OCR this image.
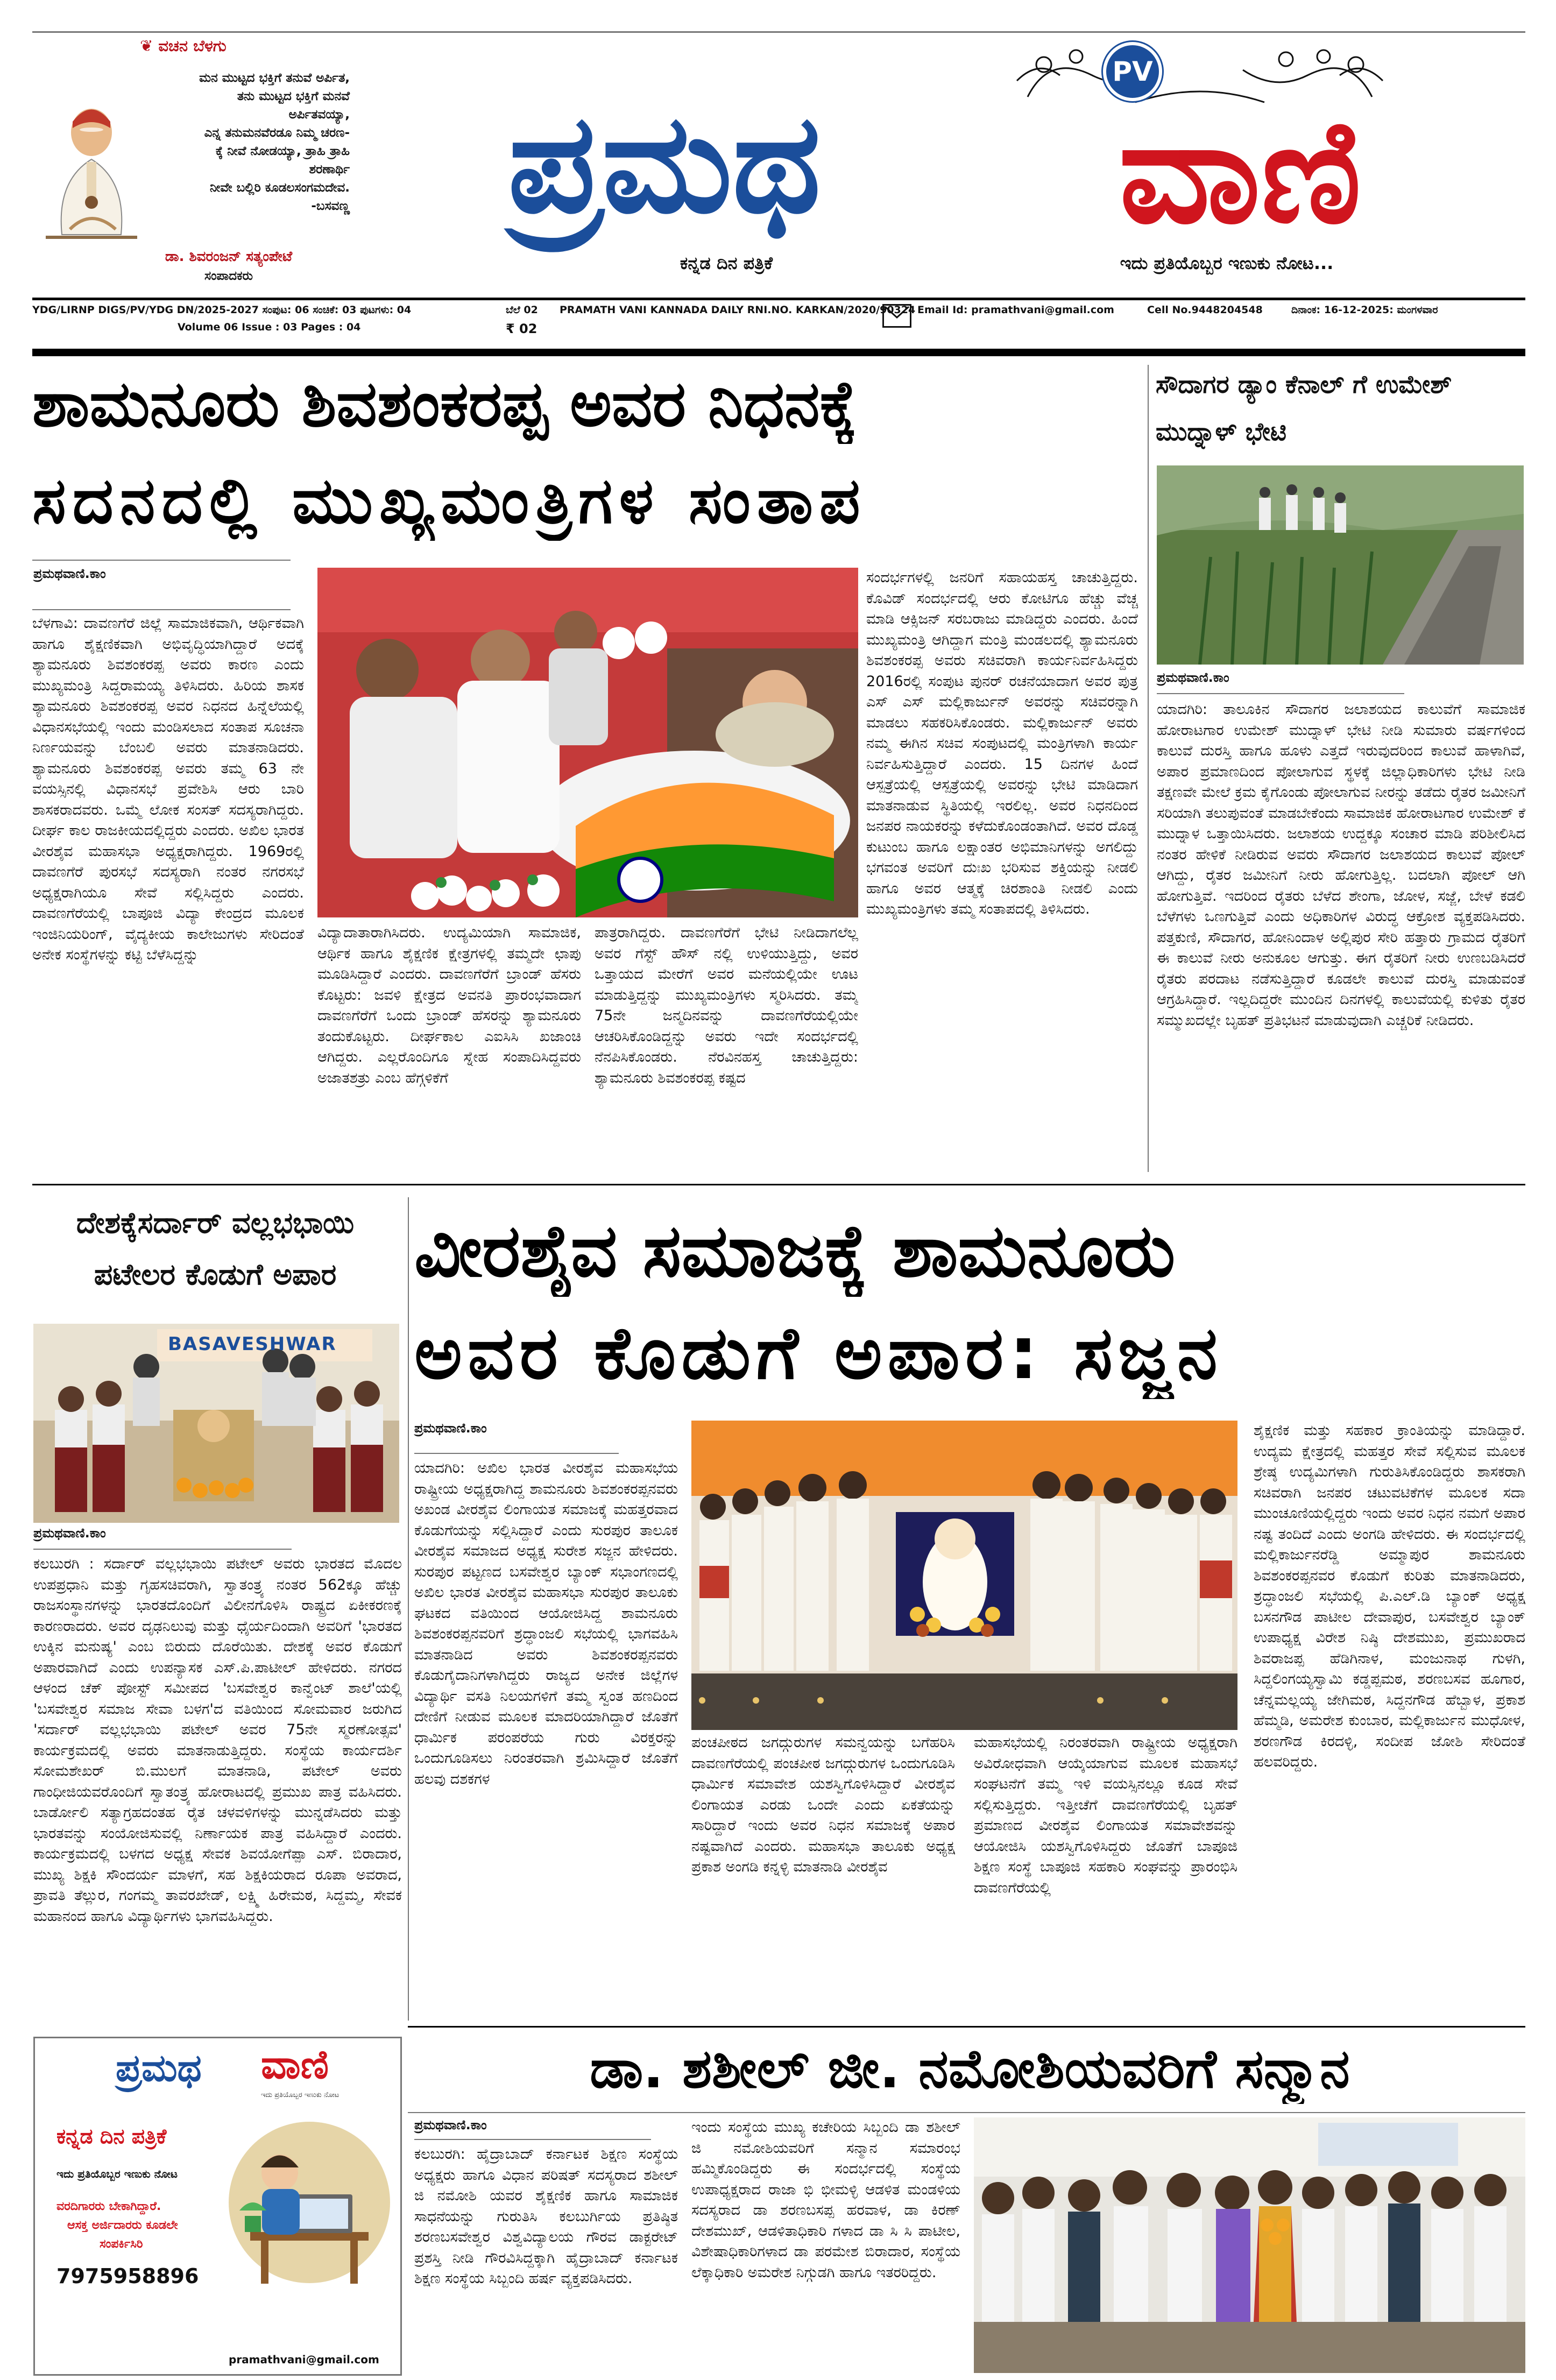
❦ ವಚನ ಬೆಳಗು
ಮನ ಮುಟ್ಟದ ಭಕ್ತಿಗೆ ತನುವೆ ಅರ್ಪಿತ,
ತನು ಮುಟ್ಟದ ಭಕ್ತಿಗೆ ಮನವೆ
ಅರ್ಪಿತವಯ್ಯಾ,
ಎನ್ನ ತನುಮನವೆರಡೂ ನಿಮ್ಮ ಚರಣ-
ಕ್ಕೆ ನೀವೆ ನೋಡಯ್ಯಾ, ತ್ರಾಹಿ ತ್ರಾಹಿ
ಶರಣಾರ್ಥಿ
ನೀವೇ ಬಲ್ಲಿರಿ ಕೂಡಲಸಂಗಮದೇವ.
-ಬಸವಣ್ಣ
ಡಾ. ಶಿವರಂಜನ್ ಸತ್ಯಂಪೇಟೆ
ಸಂಪಾದಕರು
ಪ್ರಮಥ
PV
ವಾಣಿ
ಕನ್ನಡ ದಿನ ಪತ್ರಿಕೆ	ಇದು ಪ್ರತಿಯೊಬ್ಬರ ಇಣುಕು ನೋಟ...
YDG/LIRNP DIGS/PV/YDG DN/2025-2027 ಸಂಪುಟ: 06 ಸಂಚಿಕೆ: 03 ಪುಟಗಳು: 04
Volume 06 Issue : 03 Pages : 04
ಬೆಲೆ 02
₹ 02
PRAMATH VANI KANNADA DAILY RNI.NO. KARKAN/2020/90324 Email Id: pramathvani@gmail.com	Cell No.9448204548	ದಿನಾಂಕ: 16-12-2025: ಮಂಗಳವಾರ
ಶಾಮನೂರು ಶಿವಶಂಕರಪ್ಪ ಅವರ ನಿಧನಕ್ಕೆ
ಸದನದಲ್ಲಿ ಮುಖ್ಯಮಂತ್ರಿಗಳ ಸಂತಾಪ
ಪ್ರಮಥವಾಣಿ.ಕಾಂ
ಬೆಳಗಾವಿ: ದಾವಣಗೆರೆ ಜಿಲ್ಲೆ ಸಾಮಾಜಿಕವಾಗಿ, ಆರ್ಥಿಕವಾಗಿ ಹಾಗೂ ಶೈಕ್ಷಣಿಕವಾಗಿ ಅಭಿವೃದ್ಧಿಯಾಗಿದ್ದಾರೆ ಅದಕ್ಕೆ ಶ್ಯಾಮನೂರು ಶಿವಶಂಕರಪ್ಪ ಅವರು ಕಾರಣ ಎಂದು ಮುಖ್ಯಮಂತ್ರಿ ಸಿದ್ದರಾಮಯ್ಯ ತಿಳಿಸಿದರು. ಹಿರಿಯ ಶಾಸಕ ಶ್ಯಾಮನೂರು ಶಿವಶಂಕರಪ್ಪ ಅವರ ನಿಧನದ ಹಿನ್ನೆಲೆಯಲ್ಲಿ ವಿಧಾನಸಭೆಯಲ್ಲಿ ಇಂದು ಮಂಡಿಸಲಾದ ಸಂತಾಪ ಸೂಚನಾ ನಿರ್ಣಯವನ್ನು ಬೆಂಬಲಿ ಅವರು ಮಾತನಾಡಿದರು. ಶ್ಯಾಮನೂರು ಶಿವಶಂಕರಪ್ಪ ಅವರು ತಮ್ಮ 63 ನೇ ವಯಸ್ಸಿನಲ್ಲಿ ವಿಧಾನಸಭೆ ಪ್ರವೇಶಿಸಿ ಆರು ಬಾರಿ ಶಾಸಕರಾದವರು. ಒಮ್ಮೆ ಲೋಕ ಸಂಸತ್ ಸದಸ್ಯರಾಗಿದ್ದರು. ದೀರ್ಘ ಕಾಲ ರಾಜಕೀಯದಲ್ಲಿದ್ದರು ಎಂದರು. ಅಖಿಲ ಭಾರತ ವೀರಶೈವ ಮಹಾಸಭಾ ಅಧ್ಯಕ್ಷರಾಗಿದ್ದರು. 1969ರಲ್ಲಿ ದಾವಣಗೆರೆ ಪುರಸಭೆ ಸದಸ್ಯರಾಗಿ ನಂತರ ನಗರಸಭೆ ಅಧ್ಯಕ್ಷರಾಗಿಯೂ ಸೇವೆ ಸಲ್ಲಿಸಿದ್ದರು ಎಂದರು. ದಾವಣಗೆರೆಯಲ್ಲಿ ಬಾಪೂಜಿ ವಿದ್ಯಾ ಕೇಂದ್ರದ ಮೂಲಕ ಇಂಜಿನಿಯರಿಂಗ್, ವೈದ್ಯಕೀಯ ಕಾಲೇಜುಗಳು ಸೇರಿದಂತೆ ಅನೇಕ ಸಂಸ್ಥೆಗಳನ್ನು ಕಟ್ಟಿ ಬೆಳೆಸಿದ್ದನ್ನು
ವಿದ್ಯಾದಾತಾರಾಗಿಸಿದರು. ಉದ್ಯಮಿಯಾಗಿ ಸಾಮಾಜಿಕ, ಆರ್ಥಿಕ ಹಾಗೂ ಶೈಕ್ಷಣಿಕ ಕ್ಷೇತ್ರಗಳಲ್ಲಿ ತಮ್ಮದೇ ಛಾಪು ಮೂಡಿಸಿದ್ದಾರೆ ಎಂದರು. ದಾವಣಗೆರೆಗೆ ಬ್ರಾಂಡ್ ಹೆಸರು ಕೊಟ್ಟರು: ಜವಳಿ ಕ್ಷೇತ್ರದ ಅವನತಿ ಪ್ರಾರಂಭವಾದಾಗ ದಾವಣಗೆರೆಗೆ ಒಂದು ಬ್ರಾಂಡ್ ಹೆಸರನ್ನು ಶ್ಯಾಮನೂರು ತಂದುಕೊಟ್ಟರು. ದೀರ್ಘಕಾಲ ಎಐಸಿಸಿ ಖಜಾಂಚಿ ಆಗಿದ್ದರು. ಎಲ್ಲರೊಂದಿಗೂ ಸ್ನೇಹ ಸಂಪಾದಿಸಿದ್ದವರು ಅಜಾತಶತ್ರು ಎಂಬ ಹೆಗ್ಗಳಿಕೆಗೆ
ಪಾತ್ರರಾಗಿದ್ದರು. ದಾವಣಗೆರೆಗೆ ಭೇಟಿ ನೀಡಿದಾಗಲೆಲ್ಲ ಅವರ ಗೆಸ್ಟ್ ಹೌಸ್ ನಲ್ಲಿ ಉಳಿಯುತ್ತಿದ್ದು, ಅವರ ಒತ್ತಾಯದ ಮೇರೆಗೆ ಅವರ ಮನೆಯಲ್ಲಿಯೇ ಊಟ ಮಾಡುತ್ತಿದ್ದನ್ನು ಮುಖ್ಯಮಂತ್ರಿಗಳು ಸ್ಮರಿಸಿದರು. ತಮ್ಮ 75ನೇ ಜನ್ಮದಿನವನ್ನು ದಾವಣಗೆರೆಯಲ್ಲಿಯೇ ಆಚರಿಸಿಕೊಂಡಿದ್ದನ್ನು ಅವರು ಇದೇ ಸಂದರ್ಭದಲ್ಲಿ ನೆನಪಿಸಿಕೊಂಡರು. ನೆರವಿನಹಸ್ತ ಚಾಚುತ್ತಿದ್ದರು: ಶ್ಯಾಮನೂರು ಶಿವಶಂಕರಪ್ಪ ಕಷ್ಟದ
ಸಂದರ್ಭಗಳಲ್ಲಿ ಜನರಿಗೆ ಸಹಾಯಹಸ್ತ ಚಾಚುತ್ತಿದ್ದರು. ಕೊವಿಡ್ ಸಂದರ್ಭದಲ್ಲಿ ಆರು ಕೋಟಿಗೂ ಹೆಚ್ಚು ವೆಚ್ಚ ಮಾಡಿ ಆಕ್ಸಿಜನ್ ಸರಬರಾಜು ಮಾಡಿದ್ದರು ಎಂದರು. ಹಿಂದೆ ಮುಖ್ಯಮಂತ್ರಿ ಆಗಿದ್ದಾಗ ಮಂತ್ರಿ ಮಂಡಲದಲ್ಲಿ ಶ್ಯಾಮನೂರು ಶಿವಶಂಕರಪ್ಪ ಅವರು ಸಚಿವರಾಗಿ ಕಾರ್ಯನಿರ್ವಹಿಸಿದ್ದರು 2016ರಲ್ಲಿ ಸಂಪುಟ ಪುನರ್ ರಚನೆಯಾದಾಗ ಅವರ ಪುತ್ರ ಎಸ್ ಎಸ್ ಮಲ್ಲಿಕಾರ್ಜುನ್ ಅವರನ್ನು ಸಚಿವರನ್ನಾಗಿ ಮಾಡಲು ಸಹಕರಿಸಿಕೊಂಡರು. ಮಲ್ಲಿಕಾರ್ಜುನ್ ಅವರು ನಮ್ಮ ಈಗಿನ ಸಚಿವ ಸಂಪುಟದಲ್ಲಿ ಮಂತ್ರಿಗಳಾಗಿ ಕಾರ್ಯ ನಿರ್ವಹಿಸುತ್ತಿದ್ದಾರೆ ಎಂದರು. 15 ದಿನಗಳ ಹಿಂದೆ ಆಸ್ಪತ್ರೆಯಲ್ಲಿ ಆಸ್ಪತ್ರೆಯಲ್ಲಿ ಅವರನ್ನು ಭೇಟಿ ಮಾಡಿದಾಗ ಮಾತನಾಡುವ ಸ್ಥಿತಿಯಲ್ಲಿ ಇರಲಿಲ್ಲ. ಅವರ ನಿಧನದಿಂದ ಜನಪರ ನಾಯಕರನ್ನು ಕಳೆದುಕೊಂಡಂತಾಗಿದೆ. ಅವರ ದೊಡ್ಡ ಕುಟುಂಬ ಹಾಗೂ ಲಕ್ಷಾಂತರ ಅಭಿಮಾನಿಗಳನ್ನು ಅಗಲಿದ್ದು ಭಗವಂತ ಅವರಿಗೆ ದುಃಖ ಭರಿಸುವ ಶಕ್ತಿಯನ್ನು ನೀಡಲಿ ಹಾಗೂ ಅವರ ಆತ್ಮಕ್ಕೆ ಚಿರಶಾಂತಿ ನೀಡಲಿ ಎಂದು ಮುಖ್ಯಮಂತ್ರಿಗಳು ತಮ್ಮ ಸಂತಾಪದಲ್ಲಿ ತಿಳಿಸಿದರು.
ಸೌದಾಗರ ಡ್ಯಾಂ ಕೆನಾಲ್ ಗೆ ಉಮೇಶ್ ಮುದ್ನಾಳ್ ಭೇಟಿ
ಪ್ರಮಥವಾಣಿ.ಕಾಂ
ಯಾದಗಿರಿ: ತಾಲೂಕಿನ ಸೌದಾಗರ ಜಲಾಶಯದ ಕಾಲುವೆಗೆ ಸಾಮಾಜಿಕ ಹೋರಾಟಗಾರ ಉಮೇಶ್ ಮುದ್ನಾಳ್ ಭೇಟಿ ನೀಡಿ ಸುಮಾರು ವರ್ಷಗಳಿಂದ ಕಾಲುವೆ ದುರಸ್ತಿ ಹಾಗೂ ಹೂಳು ಎತ್ತದೆ ಇರುವುದರಿಂದ ಕಾಲುವೆ ಹಾಳಾಗಿವೆ, ಅಪಾರ ಪ್ರಮಾಣದಿಂದ ಪೋಲಾಗುವ ಸ್ಥಳಕ್ಕೆ ಜಿಲ್ಲಾಧಿಕಾರಿಗಳು ಭೇಟಿ ನೀಡಿ ತಕ್ಷಣವೇ ಮೇಲೆ ಕ್ರಮ ಕೈಗೊಂಡು ಪೋಲಾಗುವ ನೀರನ್ನು ತಡೆದು ರೈತರ ಜಮೀನಿಗೆ ಸರಿಯಾಗಿ ತಲುಪುವಂತೆ ಮಾಡಬೇಕೆಂದು ಸಾಮಾಜಿಕ ಹೋರಾಟಗಾರ ಉಮೇಶ್ ಕೆ ಮುದ್ನಾಳ ಒತ್ತಾಯಿಸಿದರು. ಜಲಾಶಯ ಉದ್ದಕ್ಕೂ ಸಂಚಾರ ಮಾಡಿ ಪರಿಶೀಲಿಸಿದ ನಂತರ ಹೇಳಿಕೆ ನೀಡಿರುವ ಅವರು ಸೌದಾಗರ ಜಲಾಶಯದ ಕಾಲುವೆ ಪೋಲ್ ಆಗಿದ್ದು, ರೈತರ ಜಮೀನಿಗೆ ನೀರು ಹೋಗುತ್ತಿಲ್ಲ. ಬದಲಾಗಿ ಪೋಲ್ ಆಗಿ ಹೋಗುತ್ತಿವೆ. ಇದರಿಂದ ರೈತರು ಬೆಳೆದ ಶೇಂಗಾ, ಜೋಳ, ಸಜ್ಜೆ, ಬೇಳೆ ಕಡಲಿ ಬೆಳೆಗಳು ಒಣಗುತ್ತಿವೆ ಎಂದು ಅಧಿಕಾರಿಗಳ ವಿರುದ್ಧ ಆಕ್ರೋಶ ವ್ಯಕ್ತಪಡಿಸಿದರು. ಪತ್ತಕುಣಿ, ಸೌದಾಗರ, ಹೋನಿಂದಾಳ ಅಲ್ಲಿಪುರ ಸೇರಿ ಹತ್ತಾರು ಗ್ರಾಮದ ರೈತರಿಗೆ ಈ ಕಾಲುವೆ ನೀರು ಅನುಕೂಲ ಆಗುತ್ತು. ಈಗ ರೈತರಿಗೆ ನೀರು ಉಣಬಡಿಸಿದರೆ ರೈತರು ಪರದಾಟ ನಡೆಸುತ್ತಿದ್ದಾರೆ ಕೂಡಲೇ ಕಾಲುವೆ ದುರಸ್ತಿ ಮಾಡುವಂತೆ ಆಗ್ರಹಿಸಿದ್ದಾರೆ. ಇಲ್ಲದಿದ್ದರೇ ಮುಂದಿನ ದಿನಗಳಲ್ಲಿ ಕಾಲುವೆಯಲ್ಲಿ ಕುಳಿತು ರೈತರ ಸಮ್ಮುಖದಲ್ಲೇ ಬೃಹತ್ ಪ್ರತಿಭಟನೆ ಮಾಡುವುದಾಗಿ ಎಚ್ಚರಿಕೆ ನೀಡಿದರು.
ದೇಶಕ್ಕೆಸರ್ದಾರ್ ವಲ್ಲಭಭಾಯಿ
ಪಟೇಲರ ಕೊಡುಗೆ ಅಪಾರ
BASAVESHWAR
ಪ್ರಮಥವಾಣಿ.ಕಾಂ
ಕಲಬುರಗಿ : ಸರ್ದಾರ್ ವಲ್ಲಭಭಾಯಿ ಪಟೇಲ್ ಅವರು ಭಾರತದ ಮೊದಲ ಉಪಪ್ರಧಾನಿ ಮತ್ತು ಗೃಹಸಚಿವರಾಗಿ, ಸ್ವಾತಂತ್ರ್ಯ ನಂತರ 562ಕ್ಕೂ ಹೆಚ್ಚು ರಾಜಸಂಸ್ಥಾನಗಳನ್ನು ಭಾರತದೊಂದಿಗೆ ವಿಲೀನಗೊಳಿಸಿ ರಾಷ್ಟ್ರದ ಏಕೀಕರಣಕ್ಕೆ ಕಾರಣರಾದರು. ಅವರ ದೃಢನಿಲುವು ಮತ್ತು ಧೈರ್ಯದಿಂದಾಗಿ ಅವರಿಗೆ 'ಭಾರತದ ಉಕ್ಕಿನ ಮನುಷ್ಯ' ಎಂಬ ಬಿರುದು ದೊರೆಯಿತು. ದೇಶಕ್ಕೆ ಅವರ ಕೊಡುಗೆ ಅಪಾರವಾಗಿದೆ ಎಂದು ಉಪನ್ಯಾಸಕ ಎಸ್.ಪಿ.ಪಾಟೀಲ್ ಹೇಳಿದರು. ನಗರದ ಆಳಂದ ಚೆಕ್ ಪೋಸ್ಟ್ ಸಮೀಪದ 'ಬಸವೇಶ್ವರ ಕಾನ್ವೆಂಟ್ ಶಾಲೆ'ಯಲ್ಲಿ 'ಬಸವೇಶ್ವರ ಸಮಾಜ ಸೇವಾ ಬಳಗ'ದ ವತಿಯಿಂದ ಸೋಮವಾರ ಜರುಗಿದ 'ಸರ್ದಾರ್ ವಲ್ಲಭಭಾಯಿ ಪಟೇಲ್ ಅವರ 75ನೇ ಸ್ಮರಣೋತ್ಸವ' ಕಾರ್ಯಕ್ರಮದಲ್ಲಿ ಅವರು ಮಾತನಾಡುತ್ತಿದ್ದರು. ಸಂಸ್ಥೆಯ ಕಾರ್ಯದರ್ಶಿ ಸೋಮಶೇಖರ್ ಬಿ.ಮುಲಗೆ ಮಾತನಾಡಿ, ಪಟೇಲ್ ಅವರು ಗಾಂಧೀಜಿಯವರೊಂದಿಗೆ ಸ್ವಾತಂತ್ರ್ಯ ಹೋರಾಟದಲ್ಲಿ ಪ್ರಮುಖ ಪಾತ್ರ ವಹಿಸಿದರು. ಬಾರ್ಡೋಲಿ ಸತ್ಯಾಗ್ರಹದಂತಹ ರೈತ ಚಳವಳಿಗಳನ್ನು ಮುನ್ನಡೆಸಿದರು ಮತ್ತು ಭಾರತವನ್ನು ಸಂಯೋಜಿಸುವಲ್ಲಿ ನಿರ್ಣಾಯಕ ಪಾತ್ರ ವಹಿಸಿದ್ದಾರೆ ಎಂದರು. ಕಾರ್ಯಕ್ರಮದಲ್ಲಿ ಬಳಗದ ಅಧ್ಯಕ್ಷ ಸೇವಕ ಶಿವಯೋಗೆಪ್ಪಾ ಎಸ್. ಬಿರಾದಾರ, ಮುಖ್ಯ ಶಿಕ್ಷಕಿ ಸೌಂದರ್ಯ ಮಾಳಗೆ, ಸಹ ಶಿಕ್ಷಕಿಯರಾದ ರೂಪಾ ಅವರಾದ, ಪ್ರಾವತಿ ತೆಲ್ಲುರ, ಗಂಗಮ್ಮ ತಾವರಖೇಡ್, ಲಕ್ಷ್ಮಿ ಹಿರೇಮಠ, ಸಿದ್ದಮ್ಮ, ಸೇವಕ ಮಹಾನಂದ ಹಾಗೂ ವಿದ್ಯಾರ್ಥಿಗಳು ಭಾಗವಹಿಸಿದ್ದರು.
ವೀರಶೈವ ಸಮಾಜಕ್ಕೆ ಶಾಮನೂರು
ಅವರ ಕೊಡುಗೆ ಅಪಾರ: ಸಜ್ಜನ
ಪ್ರಮಥವಾಣಿ.ಕಾಂ
ಯಾದಗಿರಿ: ಅಖಿಲ ಭಾರತ ವೀರಶೈವ ಮಹಾಸಭೆಯ ರಾಷ್ಟ್ರೀಯ ಅಧ್ಯಕ್ಷರಾಗಿದ್ದ ಶಾಮನೂರು ಶಿವಶಂಕರಪ್ಪನವರು ಅಖಂಡ ವೀರಶೈವ ಲಿಂಗಾಯತ ಸಮಾಜಕ್ಕೆ ಮಹತ್ತರವಾದ ಕೊಡುಗೆಯನ್ನು ಸಲ್ಲಿಸಿದ್ದಾರೆ ಎಂದು ಸುರಪುರ ತಾಲೂಕ ವೀರಶೈವ ಸಮಾಜದ ಅಧ್ಯಕ್ಷ ಸುರೇಶ ಸಜ್ಜನ ಹೇಳಿದರು. ಸುರಪುರ ಪಟ್ಟಣದ ಬಸವೇಶ್ವರ ಬ್ಯಾಂಕ್ ಸಭಾಂಗಣದಲ್ಲಿ ಅಖಿಲ ಭಾರತ ವೀರಶೈವ ಮಹಾಸಭಾ ಸುರಪುರ ತಾಲೂಕು ಘಟಕದ ವತಿಯಿಂದ ಆಯೋಜಿಸಿದ್ದ ಶಾಮನೂರು ಶಿವಶಂಕರಪ್ಪನವರಿಗೆ ಶ್ರದ್ಧಾಂಜಲಿ ಸಭೆಯಲ್ಲಿ ಭಾಗವಹಿಸಿ ಮಾತನಾಡಿದ ಅವರು ಶಿವಶಂಕರಪ್ಪನವರು ಕೊಡುಗೈದಾನಿಗಳಾಗಿದ್ದರು ರಾಜ್ಯದ ಅನೇಕ ಜಿಲ್ಲೆಗಳ ವಿದ್ಯಾರ್ಥಿ ವಸತಿ ನಿಲಯಗಳಿಗೆ ತಮ್ಮ ಸ್ವಂತ ಹಣದಿಂದ ದೇಣಿಗೆ ನೀಡುವ ಮೂಲಕ ಮಾದರಿಯಾಗಿದ್ದಾರೆ ಜೊತೆಗೆ ಧಾರ್ಮಿಕ ಪರಂಪರೆಯ ಗುರು ವಿರಕ್ತರನ್ನು ಒಂದುಗೂಡಿಸಲು ನಿರಂತರವಾಗಿ ಶ್ರಮಿಸಿದ್ದಾರೆ ಜೊತೆಗೆ ಹಲವು ದಶಕಗಳ
ಪಂಚಪೀಠದ ಜಗದ್ಗುರುಗಳ ಸಮನ್ವಯನ್ನು ಬಗೆಹರಿಸಿ ದಾವಣಗೆರೆಯಲ್ಲಿ ಪಂಚಪೀಠ ಜಗದ್ಗುರುಗಳ ಒಂದುಗೂಡಿಸಿ ಧಾರ್ಮಿಕ ಸಮಾವೇಶ ಯಶಸ್ವಿಗೊಳಿಸಿದ್ದಾರೆ ವೀರಶೈವ ಲಿಂಗಾಯತ ಎರಡು ಒಂದೇ ಎಂದು ಏಕತೆಯನ್ನು ಸಾರಿದ್ದಾರೆ ಇಂದು ಅವರ ನಿಧನ ಸಮಾಜಕ್ಕೆ ಅಪಾರ ನಷ್ಟವಾಗಿದೆ ಎಂದರು. ಮಹಾಸಭಾ ತಾಲೂಕು ಅಧ್ಯಕ್ಷ ಪ್ರಕಾಶ ಅಂಗಡಿ ಕನ್ನಳ್ಳಿ ಮಾತನಾಡಿ ವೀರಶೈವ
ಮಹಾಸಭೆಯಲ್ಲಿ ನಿರಂತರವಾಗಿ ರಾಷ್ಟ್ರೀಯ ಅಧ್ಯಕ್ಷರಾಗಿ ಅವಿರೋಧವಾಗಿ ಆಯ್ಕೆಯಾಗುವ ಮೂಲಕ ಮಹಾಸಭೆ ಸಂಘಟನೆಗೆ ತಮ್ಮ ಇಳಿ ವಯಸ್ಸಿನಲ್ಲೂ ಕೂಡ ಸೇವೆ ಸಲ್ಲಿಸುತ್ತಿದ್ದರು. ಇತ್ತೀಚೆಗೆ ದಾವಣಗೆರೆಯಲ್ಲಿ ಬೃಹತ್ ಪ್ರಮಾಣದ ವೀರಶೈವ ಲಿಂಗಾಯತ ಸಮಾವೇಶವನ್ನು ಆಯೋಜಿಸಿ ಯಶಸ್ವಿಗೊಳಿಸಿದ್ದರು ಜೊತೆಗೆ ಬಾಪೂಜಿ ಶಿಕ್ಷಣ ಸಂಸ್ಥೆ ಬಾಪೂಜಿ ಸಹಕಾರಿ ಸಂಘವನ್ನು ಪ್ರಾರಂಭಿಸಿ ದಾವಣಗೆರೆಯಲ್ಲಿ
ಶೈಕ್ಷಣಿಕ ಮತ್ತು ಸಹಕಾರ ಕ್ರಾಂತಿಯನ್ನು ಮಾಡಿದ್ದಾರೆ. ಉದ್ಯಮ ಕ್ಷೇತ್ರದಲ್ಲಿ ಮಹತ್ತರ ಸೇವೆ ಸಲ್ಲಿಸುವ ಮೂಲಕ ಶ್ರೇಷ್ಠ ಉದ್ಯಮಿಗಳಾಗಿ ಗುರುತಿಸಿಕೊಂಡಿದ್ದರು ಶಾಸಕರಾಗಿ ಸಚಿವರಾಗಿ ಜನಪರ ಚಟುವಟಿಕೆಗಳ ಮೂಲಕ ಸದಾ ಮುಂಚೂಣಿಯಲ್ಲಿದ್ದರು ಇಂದು ಅವರ ನಿಧನ ನಮಗೆ ಅಪಾರ ನಷ್ಟ ತಂದಿದೆ ಎಂದು ಅಂಗಡಿ ಹೇಳಿದರು. ಈ ಸಂದರ್ಭದಲ್ಲಿ ಮಲ್ಲಿಕಾರ್ಜುನರೆಡ್ಡಿ ಅಮ್ಮಾಪುರ ಶಾಮನೂರು ಶಿವಶಂಕರಪ್ಪನವರ ಕೊಡುಗೆ ಕುರಿತು ಮಾತನಾಡಿದರು, ಶ್ರದ್ಧಾಂಜಲಿ ಸಭೆಯಲ್ಲಿ ಪಿ.ಎಲ್.ಡಿ ಬ್ಯಾಂಕ್ ಅಧ್ಯಕ್ಷ ಬಸನಗೌಡ ಪಾಟೀಲ ದೇವಾಪುರ, ಬಸವೇಶ್ವರ ಬ್ಯಾಂಕ್ ಉಪಾಧ್ಯಕ್ಷ ವಿರೇಶ ನಿಷ್ಠಿ ದೇಶಮುಖ, ಪ್ರಮುಖರಾದ ಶಿವರಾಜಪ್ಪ ಹೆಡಿಗಿನಾಳ, ಮಂಜುನಾಥ ಗುಳಗಿ, ಸಿದ್ದಲಿಂಗಯ್ಯಸ್ವಾಮಿ ಕಡ್ಡಪ್ಪಮಠ, ಶರಣಬಸವ ಹೂಗಾರ, ಚೆನ್ನಮಲ್ಲಯ್ಯ ಜೇಗಿಮಠ, ಸಿದ್ದನಗೌಡ ಹೆಬ್ಬಾಳ, ಪ್ರಕಾಶ ಹೆಮ್ಮಡಿ, ಅಮರೇಶ ಕುಂಬಾರ, ಮಲ್ಲಿಕಾರ್ಜುನ ಮುಧೋಳ, ಶರಣಗೌಡ ಕಿರದಳ್ಳಿ, ಸಂದೀಪ ಜೋಶಿ ಸೇರಿದಂತೆ ಹಲವರಿದ್ದರು.
ಪ್ರಮಥ ವಾಣಿ
ಇದು ಪ್ರತಿಯೊಬ್ಬರ ಇಣುಕು ನೋಟ
ಕನ್ನಡ ದಿನ ಪತ್ರಿಕೆ
ಇದು ಪ್ರತಿಯೊಬ್ಬರ ಇಣುಕು ನೋಟ
ವರದಿಗಾರರು ಬೇಕಾಗಿದ್ದಾರೆ.
ಆಸಕ್ತ ಅರ್ಜಿದಾರರು ಕೂಡಲೇ
ಸಂಪರ್ಕಿಸಿರಿ
7975958896
pramathvani@gmail.com
ಡಾ. ಶಶೀಲ್ ಜೀ. ನಮೋಶಿಯವರಿಗೆ ಸನ್ಮಾನ
ಪ್ರಮಥವಾಣಿ.ಕಾಂ
ಕಲಬುರಗಿ: ಹೈದ್ರಾಬಾದ್ ಕರ್ನಾಟಕ ಶಿಕ್ಷಣ ಸಂಸ್ಥೆಯ ಅಧ್ಯಕ್ಷರು ಹಾಗೂ ವಿಧಾನ ಪರಿಷತ್ ಸದಸ್ಯರಾದ ಶಶೀಲ್ ಜಿ ನಮೋಶಿ ಯವರ ಶೈಕ್ಷಣಿಕ ಹಾಗೂ ಸಾಮಾಜಿಕ ಸಾಧನೆಯನ್ನು ಗುರುತಿಸಿ ಕಲಬುರ್ಗಿಯ ಪ್ರತಿಷ್ಠಿತ ಶರಣಬಸವೇಶ್ವರ ವಿಶ್ವವಿದ್ಯಾಲಯ ಗೌರವ ಡಾಕ್ಟರೇಟ್ ಪ್ರಶಸ್ತಿ ನೀಡಿ ಗೌರವಿಸಿದ್ದಕ್ಕಾಗಿ ಹೈದ್ರಾಬಾದ್ ಕರ್ನಾಟಕ ಶಿಕ್ಷಣ ಸಂಸ್ಥೆಯ ಸಿಬ್ಬಂದಿ ಹರ್ಷ ವ್ಯಕ್ತಪಡಿಸಿದರು.
ಇಂದು ಸಂಸ್ಥೆಯ ಮುಖ್ಯ ಕಚೇರಿಯ ಸಿಬ್ಬಂದಿ ಡಾ ಶಶೀಲ್ ಜಿ ನಮೋಶಿಯವರಿಗೆ ಸನ್ಮಾನ ಸಮಾರಂಭ ಹಮ್ಮಿಕೊಂಡಿದ್ದರು ಈ ಸಂದರ್ಭದಲ್ಲಿ ಸಂಸ್ಥೆಯ ಉಪಾಧ್ಯಕ್ಷರಾದ ರಾಜಾ ಭಿ ಭೀಮಳ್ಳಿ ಆಡಳಿತ ಮಂಡಳಿಯ ಸದಸ್ಯರಾದ ಡಾ ಶರಣಬಸಪ್ಪ ಹರವಾಳ, ಡಾ ಕಿರಣ್ ದೇಶಮುಖ್, ಆಡಳಿತಾಧಿಕಾರಿ ಗಳಾದ ಡಾ ಸಿ ಸಿ ಪಾಟೀಲ, ವಿಶೇಷಾಧಿಕಾರಿಗಳಾದ ಡಾ ಪರಮೇಶ ಬಿರಾದಾರ, ಸಂಸ್ಥೆಯ ಲೆಕ್ಕಾಧಿಕಾರಿ ಅಮರೇಶ ನಿಗ್ಗುಡಗಿ ಹಾಗೂ ಇತರರಿದ್ದರು.
